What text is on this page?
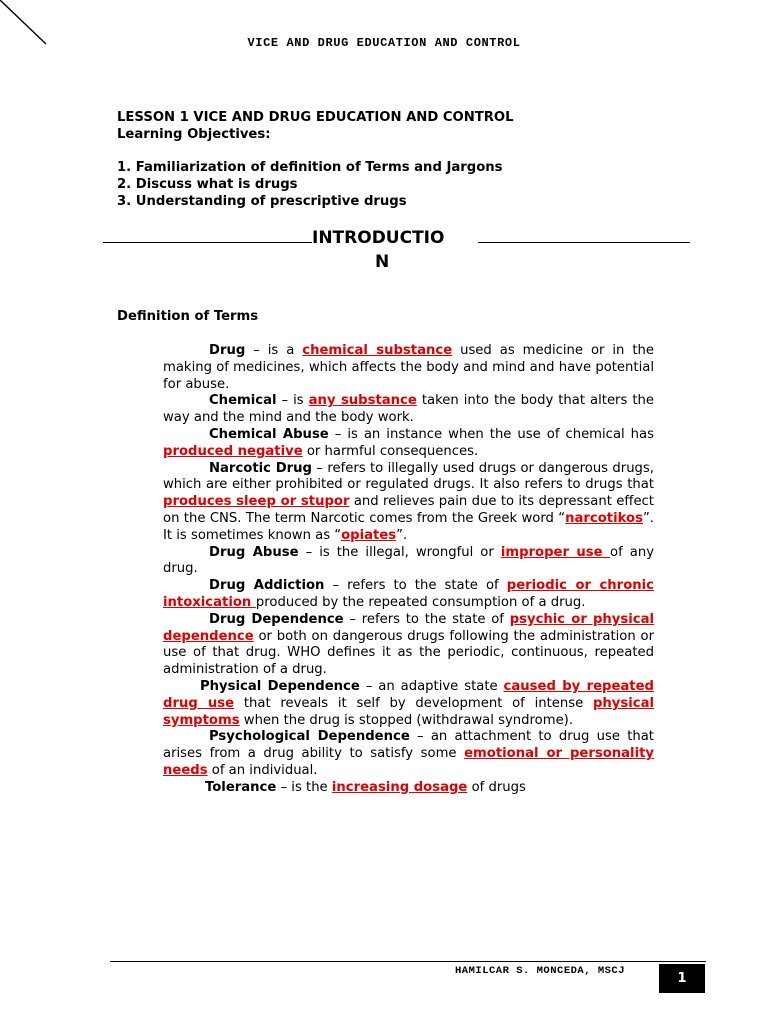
VICE AND DRUG EDUCATION AND CONTROL
LESSON 1 VICE AND DRUG EDUCATION AND CONTROL
Learning Objectives:
1. Familiarization of definition of Terms and Jargons
2. Discuss what is drugs
3. Understanding of prescriptive drugs
INTRODUCTIO
N
Definition of Terms
Drug – is a chemical substance used as medicine or in the making of medicines, which affects the body and mind and have potential for abuse.
Chemical – is any substance taken into the body that alters the way and the mind and the body work.
Chemical Abuse – is an instance when the use of chemical has produced negative or harmful consequences.
Narcotic Drug – refers to illegally used drugs or dangerous drugs, which are either prohibited or regulated drugs. It also refers to drugs that produces sleep or stupor and relieves pain due to its depressant effect on the CNS. The term Narcotic comes from the Greek word “narcotikos”. It is sometimes known as “opiates”.
Drug Abuse – is the illegal, wrongful or improper use of any drug.
Drug Addiction – refers to the state of periodic or chronic intoxication produced by the repeated consumption of a drug.
Drug Dependence – refers to the state of psychic or physical dependence or both on dangerous drugs following the administration or use of that drug. WHO defines it as the periodic, continuous, repeated administration of a drug.
Physical Dependence – an adaptive state caused by repeated drug use that reveals it self by development of intense physical symptoms when the drug is stopped (withdrawal syndrome).
Psychological Dependence – an attachment to drug use that arises from a drug ability to satisfy some emotional or personality needs of an individual.
Tolerance – is the increasing dosage of drugs
HAMILCAR S. MONCEDA, MSCJ	1
